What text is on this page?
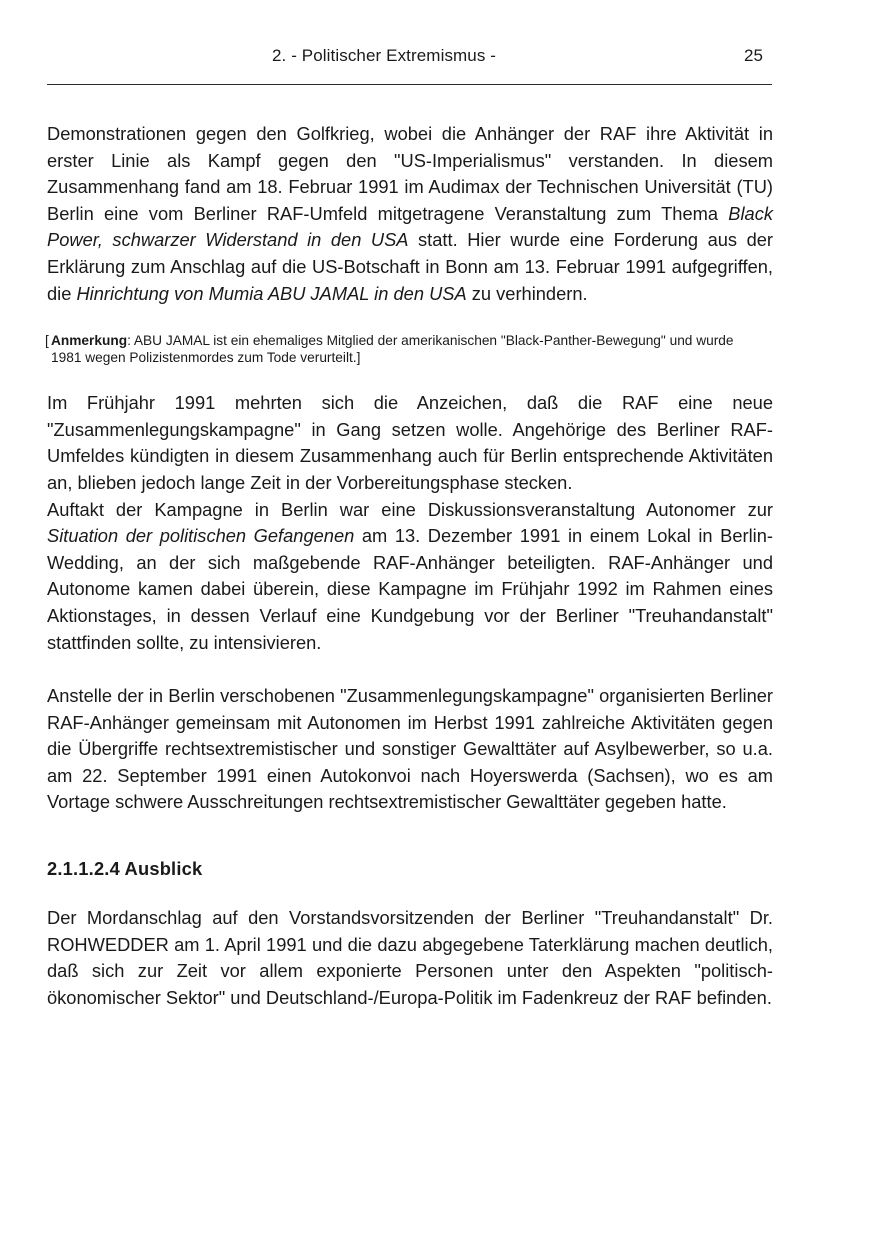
2. - Politischer Extremismus -	25

Demonstrationen gegen den Golfkrieg, wobei die Anhänger der RAF ihre Aktivität in erster Linie als Kampf gegen den "US-Imperialismus" verstanden. In diesem Zusammenhang fand am 18. Februar 1991 im Audimax der Technischen Universität (TU) Berlin eine vom Berliner RAF-Umfeld mitgetragene Veranstaltung zum Thema Black Power, schwarzer Widerstand in den USA statt. Hier wurde eine Forderung aus der Erklärung zum Anschlag auf die US-Botschaft in Bonn am 13. Februar 1991 aufgegriffen, die Hinrichtung von Mumia ABU JAMAL in den USA zu verhindern.

[ Anmerkung: ABU JAMAL ist ein ehemaliges Mitglied der amerikanischen "Black-Panther-Bewegung" und wurde 1981 wegen Polizistenmordes zum Tode verurteilt.]

Im Frühjahr 1991 mehrten sich die Anzeichen, daß die RAF eine neue "Zusammenlegungskampagne" in Gang setzen wolle. Angehörige des Berliner RAF-Umfeldes kündigten in diesem Zusammenhang auch für Berlin entsprechende Aktivitäten an, blieben jedoch lange Zeit in der Vorbereitungsphase stecken.

Auftakt der Kampagne in Berlin war eine Diskussionsveranstaltung Autonomer zur Situation der politischen Gefangenen am 13. Dezember 1991 in einem Lokal in Berlin-Wedding, an der sich maßgebende RAF-Anhänger beteiligten. RAF-Anhänger und Autonome kamen dabei überein, diese Kampagne im Frühjahr 1992 im Rahmen eines Aktionstages, in dessen Verlauf eine Kundgebung vor der Berliner "Treuhandanstalt" stattfinden sollte, zu intensivieren.

Anstelle der in Berlin verschobenen "Zusammenlegungskampagne" organisierten Berliner RAF-Anhänger gemeinsam mit Autonomen im Herbst 1991 zahlreiche Aktivitäten gegen die Übergriffe rechtsextremistischer und sonstiger Gewalttäter auf Asylbewerber, so u.a. am 22. September 1991 einen Autokonvoi nach Hoyerswerda (Sachsen), wo es am Vortage schwere Ausschreitungen rechtsextremistischer Gewalttäter gegeben hatte.

2.1.1.2.4 Ausblick

Der Mordanschlag auf den Vorstandsvorsitzenden der Berliner "Treuhandanstalt" Dr. ROHWEDDER am 1. April 1991 und die dazu abgegebene Taterklärung machen deutlich, daß sich zur Zeit vor allem exponierte Personen unter den Aspekten "politisch-ökonomischer Sektor" und Deutschland-/Europa-Politik im Fadenkreuz der RAF befinden.
